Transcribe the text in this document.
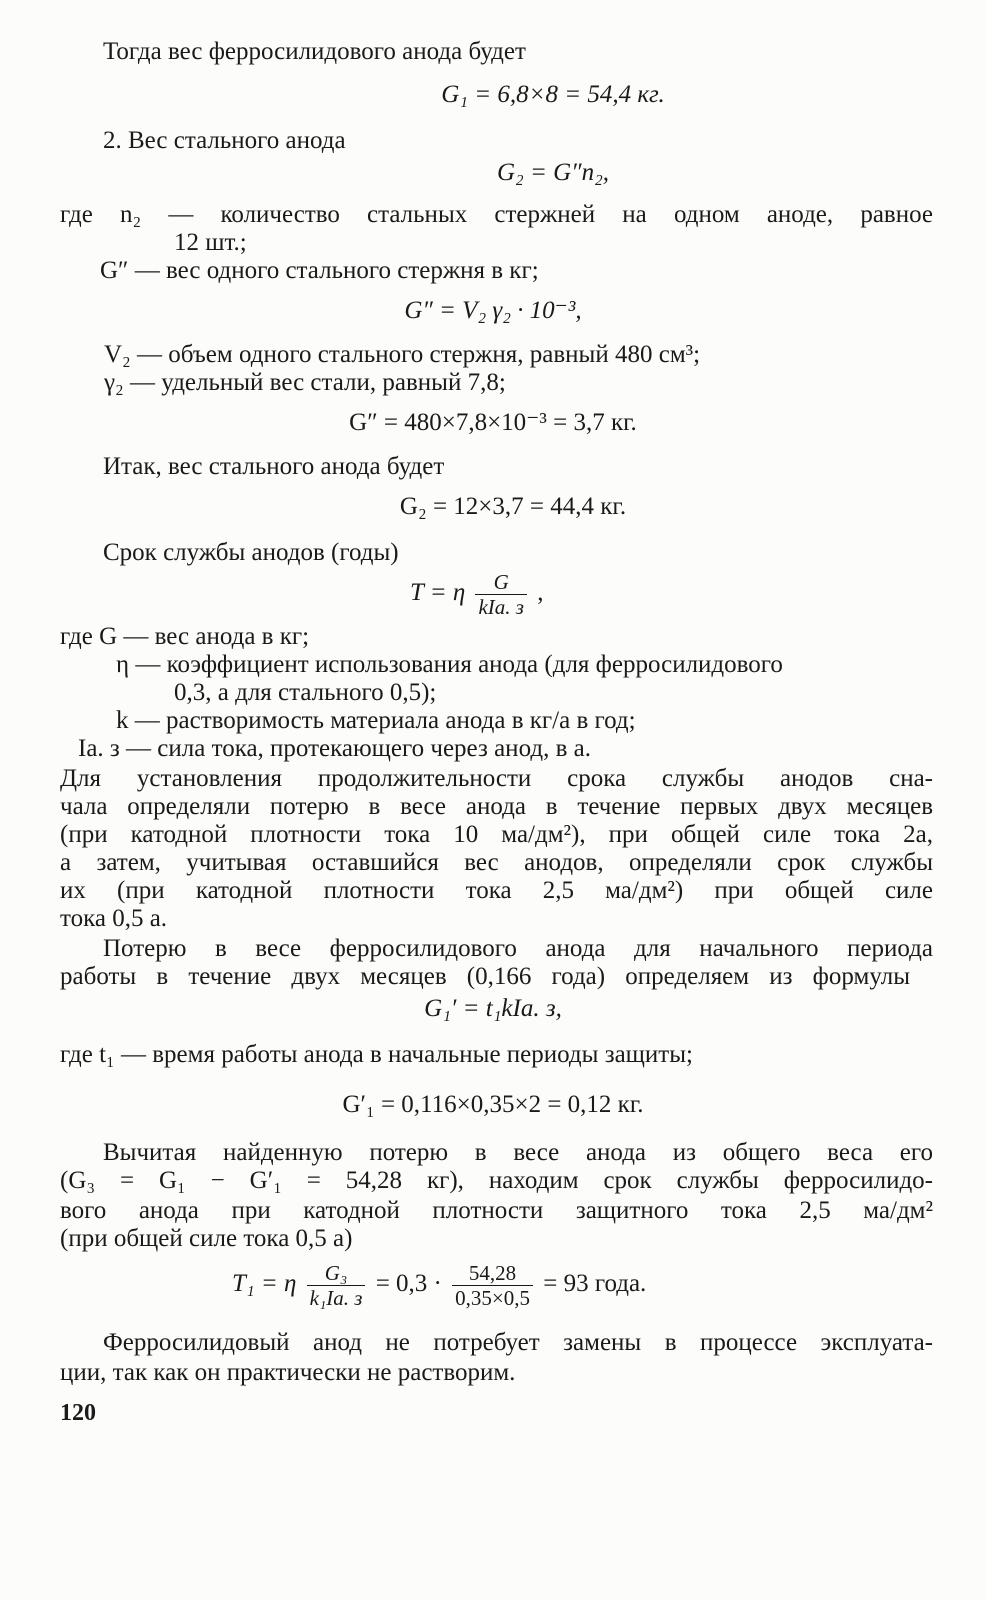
Тогда вес ферросилидового анода будет
G₁ = 6,8×8 = 54,4 кг.
2. Вес стального анода
G₂ = G″n₂,
где n₂ — количество стальных стержней на одном аноде, равное
12 шт.;
G″ — вес одного стального стержня в кг;
G″ = V₂ γ₂ · 10⁻³,
V₂ — объем одного стального стержня, равный 480 см³;
γ₂ — удельный вес стали, равный 7,8;
G″ = 480×7,8×10⁻³ = 3,7 кг.
Итак, вес стального анода будет
G₂ = 12×3,7 = 44,4 кг.
Срок службы анодов (годы)
T = η $\frac{G}{\text{kIа. з}}$ ,
где G — вес анода в кг;
η — коэффициент использования анода (для ферросилидового
0,3, а для стального 0,5);
k — растворимость материала анода в кг/а в год;
Iа. з — сила тока, протекающего через анод, в а.
Для установления продолжительности срока службы анодов сна-
чала определяли потерю в весе анода в течение первых двух месяцев
(при катодной плотности тока 10 ма/дм²), при общей силе тока 2а,
а затем, учитывая оставшийся вес анодов, определяли срок службы
их (при катодной плотности тока 2,5 ма/дм²) при общей силе
тока 0,5 а.
Потерю в весе ферросилидового анода для начального периода
работы в течение двух месяцев (0,166 года) определяем из формулы
G₁′ = t₁kIа. з,
где t₁ — время работы анода в начальные периоды защиты;
G′₁ = 0,116×0,35×2 = 0,12 кг.
Вычитая найденную потерю в весе анода из общего веса его
(G₃ = G₁ − G′₁ = 54,28 кг), находим срок службы ферросилидо-
вого анода при катодной плотности защитного тока 2,5 ма/дм²
(при общей силе тока 0,5 а)
T₁ = η $\frac{\text{G₃}}{\text{k₁Iа. з}} = 0,3 \cdot \frac{54,28}{0,35\times 0,5} = 93$ года.
Ферросилидовый анод не потребует замены в процессе эксплуата-
ции, так как он практически не растворим.
120
